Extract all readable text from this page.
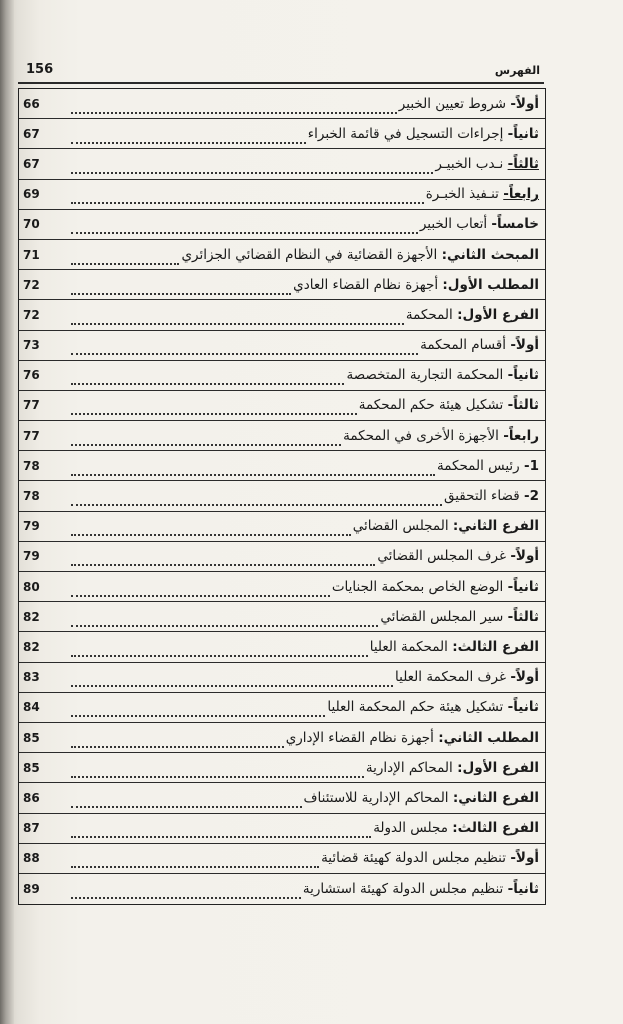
156	الفهرس
66	أولاً- شروط تعيين الخبير
67	ثانياً- إجراءات التسجيل في قائمة الخبراء
67	ثالثاً- نـدب الخبيـر
69	رابعاً- تنـفيذ الخبـرة
70	خامساً- أتعاب الخبير
71	المبحث الثاني: الأجهزة القضائية في النظام القضائي الجزائري
72	المطلب الأول: أجهزة نظام القضاء العادي
72	الفرع الأول: المحكمة
73	أولاً- أقسام المحكمة
76	ثانياً- المحكمة التجارية المتخصصة
77	ثالثاً- تشكيل هيئة حكم المحكمة
77	رابعاً- الأجهزة الأخرى في المحكمة
78	1- رئيس المحكمة
78	2- قضاء التحقيق
79	الفرع الثاني: المجلس القضائي
79	أولاً- غرف المجلس القضائي
80	ثانياً- الوضع الخاص بمحكمة الجنايات
82	ثالثاً- سير المجلس القضائي
82	الفرع الثالث: المحكمة العليا
83	أولاً- غرف المحكمة العليا
84	ثانياً- تشكيل هيئة حكم المحكمة العليا
85	المطلب الثاني: أجهزة نظام القضاء الإداري
85	الفرع الأول: المحاكم الإدارية
86	الفرع الثاني: المحاكم الإدارية للاستئناف
87	الفرع الثالث: مجلس الدولة
88	أولاً- تنظيم مجلس الدولة كهيئة قضائية
89	ثانياً- تنظيم مجلس الدولة كهيئة استشارية
